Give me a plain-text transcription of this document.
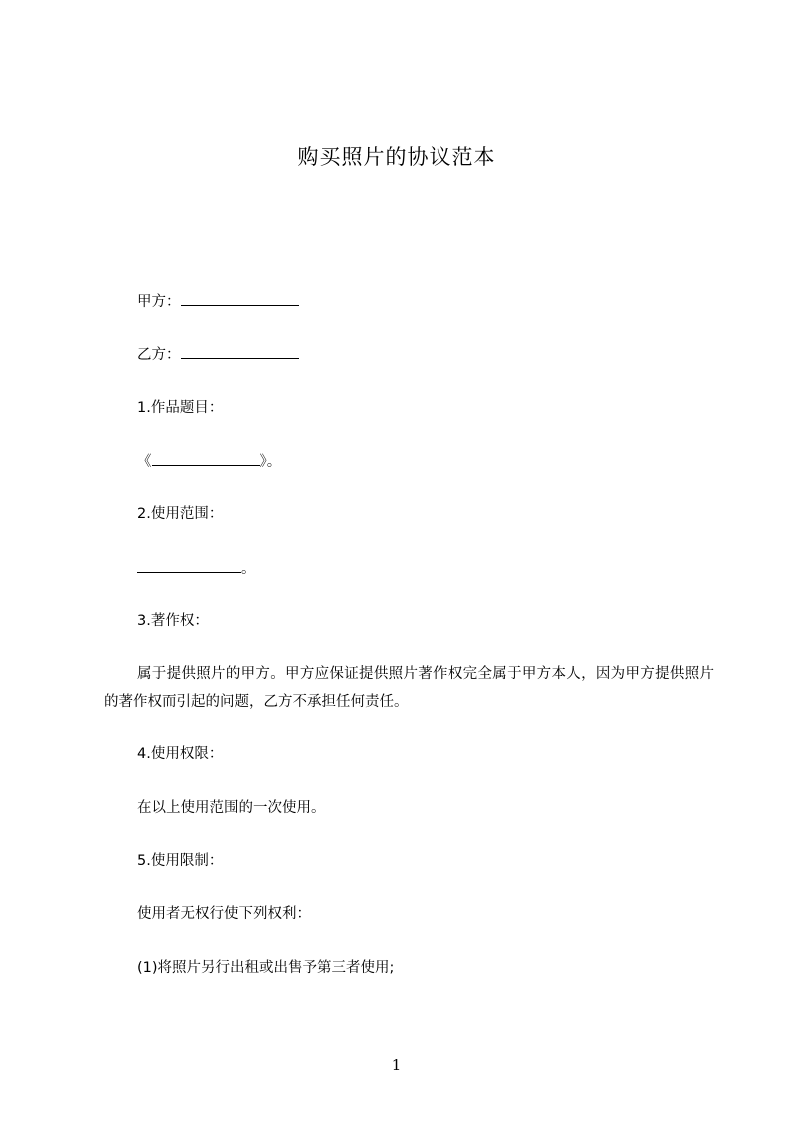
购买照片的协议范本
甲方：
乙方：
1.作品题目：
《	》。
2.使用范围：
。
3.著作权：
属于提供照片的甲方。甲方应保证提供照片著作权完全属于甲方本人，因为甲方提供照片的著作权而引起的问题，乙方不承担任何责任。
4.使用权限：
在以上使用范围的一次使用。
5.使用限制：
使用者无权行使下列权利：
(1)将照片另行出租或出售予第三者使用;
1
